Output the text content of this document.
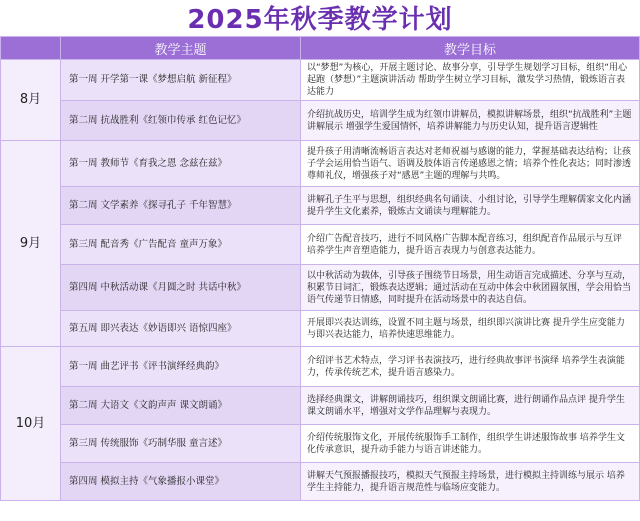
2025年秋季教学计划
	教学主题	教学目标
8月	第一周 开学第一课《梦想启航 新征程》	以“梦想”为核心，开展主题讨论、故事分享，引导学生规划学习目标，组织“用心起跑（梦想）”主题演讲活动 帮助学生树立学习目标，激发学习热情，锻炼语言表达能力
	第二周 抗战胜利《红领巾传承 红色记忆》	介绍抗战历史，培训学生成为红领巾讲解员，模拟讲解场景，组织“抗战胜利”主题讲解展示 增强学生爱国情怀，培养讲解能力与历史认知，提升语言逻辑性
9月	第一周 教师节《育我之恩 念兹在兹》	提升孩子用清晰流畅语言表达对老师祝福与感谢的能力，掌握基础表达结构；让孩子学会运用恰当语气、语调及肢体语言传递感恩之情；培养个性化表达；同时渗透尊师礼仪，增强孩子对“感恩”主题的理解与共鸣。
	第二周 文学素养《探寻孔子 千年智慧》	讲解孔子生平与思想，组织经典名句诵读、小组讨论，引导学生理解儒家文化内涵 提升学生文化素养，锻炼古文诵读与理解能力。
	第三周 配音秀《广告配音 童声万象》	介绍广告配音技巧，进行不同风格广告脚本配音练习，组织配音作品展示与互评 培养学生声音塑造能力，提升语言表现力与创意表达能力。
	第四周 中秋活动课《月圆之时 共话中秋》	以中秋活动为载体，引导孩子围绕节日场景，用生动语言完成描述、分享与互动，积累节日词汇，锻炼表达逻辑；通过活动在互动中体会中秋团圆氛围，学会用恰当语气传递节日情感，同时提升在活动场景中的表达自信。
	第五周 即兴表达《妙语即兴 语惊四座》	开展即兴表达训练，设置不同主题与场景，组织即兴演讲比赛 提升学生应变能力与即兴表达能力，培养快速思维能力。
10月	第一周 曲艺评书《评书演绎经典韵》	介绍评书艺术特点，学习评书表演技巧，进行经典故事评书演绎 培养学生表演能力，传承传统艺术，提升语言感染力。
	第二周 大语文《文韵声声 课文朗诵》	选择经典课文，讲解朗诵技巧，组织课文朗诵比赛，进行朗诵作品点评 提升学生课文朗诵水平，增强对文学作品理解与表现力。
	第三周 传统服饰《巧制华服 童言述》	介绍传统服饰文化，开展传统服饰手工制作，组织学生讲述服饰故事 培养学生文化传承意识，提升动手能力与语言讲述能力。
	第四周 模拟主持《气象播报小课堂》	讲解天气预报播报技巧，模拟天气预报主持场景，进行模拟主持训练与展示 培养学生主持能力，提升语言规范性与临场应变能力。
